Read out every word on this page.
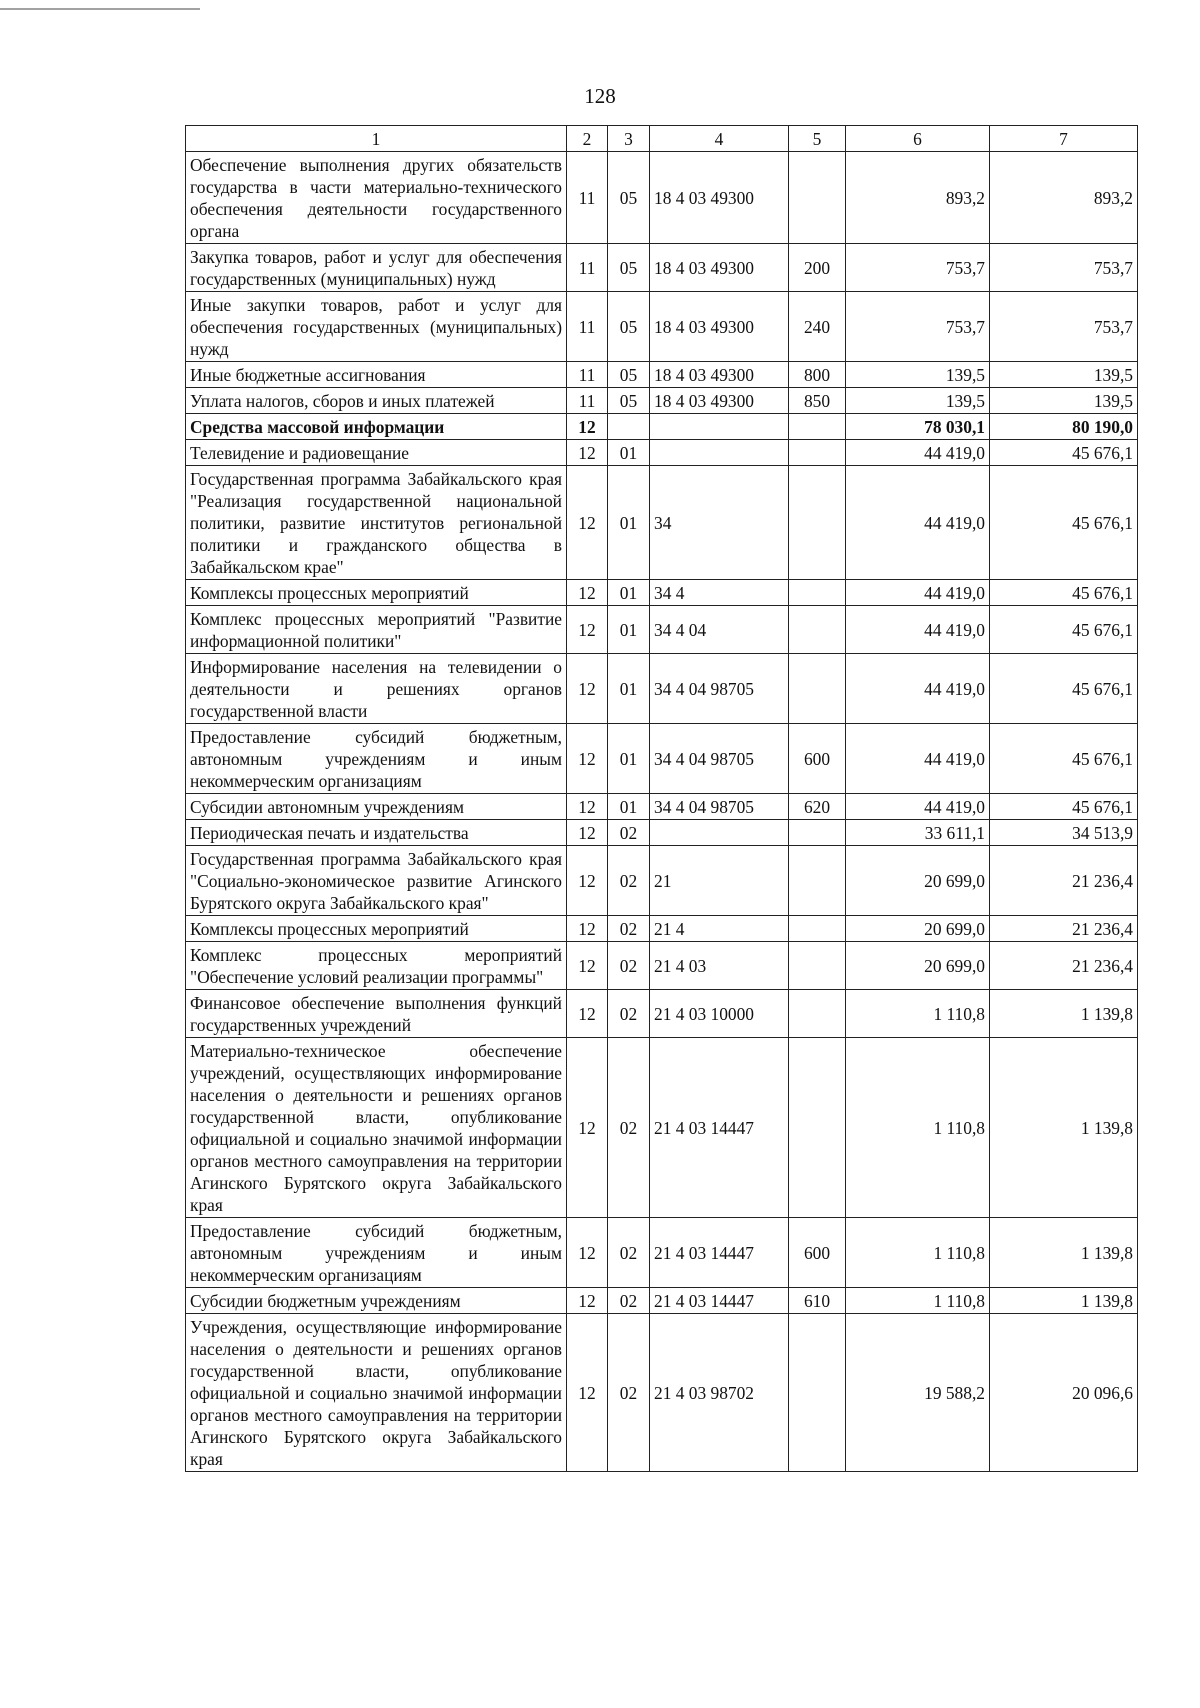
128
1	2	3	4	5	6	7
Обеспечение выполнения других обязательств государства в части материально-технического обеспечения деятельности государственного органа	11	05	18 4 03 49300		893,2	893,2
Закупка товаров, работ и услуг для обеспечения государственных (муниципальных) нужд	11	05	18 4 03 49300	200	753,7	753,7
Иные закупки товаров, работ и услуг для обеспечения государственных (муниципальных) нужд	11	05	18 4 03 49300	240	753,7	753,7
Иные бюджетные ассигнования	11	05	18 4 03 49300	800	139,5	139,5
Уплата налогов, сборов и иных платежей	11	05	18 4 03 49300	850	139,5	139,5
Средства массовой информации	12				78 030,1	80 190,0
Телевидение и радиовещание	12	01			44 419,0	45 676,1
Государственная программа Забайкальского края "Реализация государственной национальной политики, развитие институтов региональной политики и гражданского общества в Забайкальском крае"	12	01	34		44 419,0	45 676,1
Комплексы процессных мероприятий	12	01	34 4		44 419,0	45 676,1
Комплекс процессных мероприятий "Развитие информационной политики"	12	01	34 4 04		44 419,0	45 676,1
Информирование населения на телевидении о деятельности и решениях органов государственной власти	12	01	34 4 04 98705		44 419,0	45 676,1
Предоставление субсидий бюджетным, автономным учреждениям и иным некоммерческим организациям	12	01	34 4 04 98705	600	44 419,0	45 676,1
Субсидии автономным учреждениям	12	01	34 4 04 98705	620	44 419,0	45 676,1
Периодическая печать и издательства	12	02			33 611,1	34 513,9
Государственная программа Забайкальского края "Социально-экономическое развитие Агинского Бурятского округа Забайкальского края"	12	02	21		20 699,0	21 236,4
Комплексы процессных мероприятий	12	02	21 4		20 699,0	21 236,4
Комплекс процессных мероприятий "Обеспечение условий реализации программы"	12	02	21 4 03		20 699,0	21 236,4
Финансовое обеспечение выполнения функций государственных учреждений	12	02	21 4 03 10000		1 110,8	1 139,8
Материально-техническое обеспечение учреждений, осуществляющих информирование населения о деятельности и решениях органов государственной власти, опубликование официальной и социально значимой информации органов местного самоуправления на территории Агинского Бурятского округа Забайкальского края	12	02	21 4 03 14447		1 110,8	1 139,8
Предоставление субсидий бюджетным, автономным учреждениям и иным некоммерческим организациям	12	02	21 4 03 14447	600	1 110,8	1 139,8
Субсидии бюджетным учреждениям	12	02	21 4 03 14447	610	1 110,8	1 139,8
Учреждения, осуществляющие информирование населения о деятельности и решениях органов государственной власти, опубликование официальной и социально значимой информации органов местного самоуправления на территории Агинского Бурятского округа Забайкальского края	12	02	21 4 03 98702		19 588,2	20 096,6
